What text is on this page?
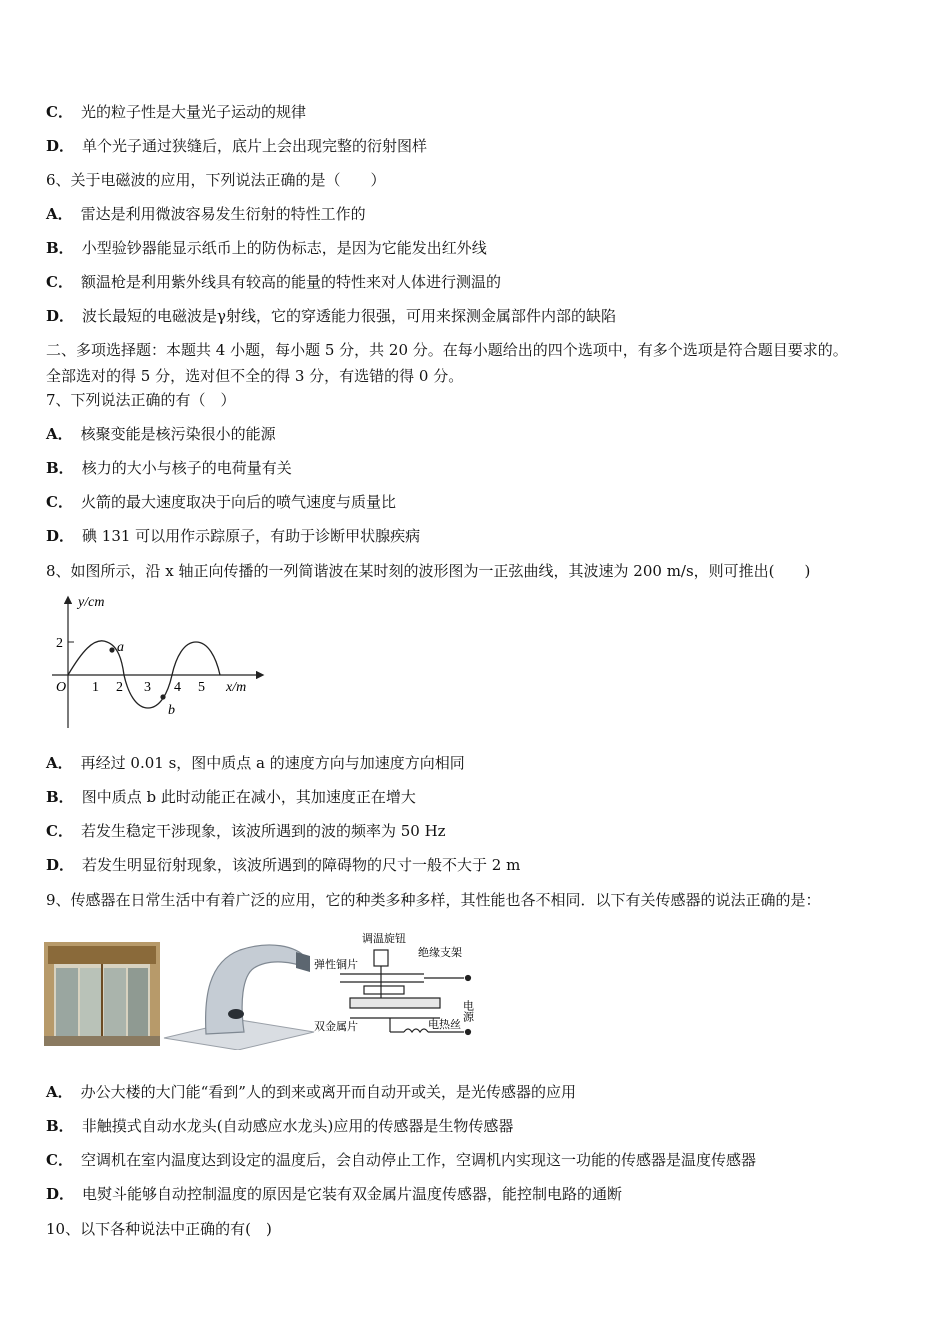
C． 光的粒子性是大量光子运动的规律
D． 单个光子通过狭缝后，底片上会出现完整的衍射图样
6、关于电磁波的应用，下列说法正确的是（　　）
A． 雷达是利用微波容易发生衍射的特性工作的
B． 小型验钞器能显示纸币上的防伪标志，是因为它能发出红外线
C． 额温枪是利用紫外线具有较高的能量的特性来对人体进行测温的
D． 波长最短的电磁波是γ射线，它的穿透能力很强，可用来探测金属部件内部的缺陷
二、多项选择题：本题共 4 小题，每小题 5 分，共 20 分。在每小题给出的四个选项中，有多个选项是符合题目要求的。
全部选对的得 5 分，选对但不全的得 3 分，有选错的得 0 分。
7、下列说法正确的有（　）
A． 核聚变能是核污染很小的能源
B． 核力的大小与核子的电荷量有关
C． 火箭的最大速度取决于向后的喷气速度与质量比
D． 碘 131 可以用作示踪原子，有助于诊断甲状腺疾病
8、如图所示，沿 x 轴正向传播的一列简谐波在某时刻的波形图为一正弦曲线，其波速为 200 m/s，则可推出(　　)
y/cm
x/m
O
2
1 2 3 4 5
a
b
A． 再经过 0.01 s，图中质点 a 的速度方向与加速度方向相同
B． 图中质点 b 此时动能正在减小，其加速度正在增大
C． 若发生稳定干涉现象，该波所遇到的波的频率为 50 Hz
D． 若发生明显衍射现象，该波所遇到的障碍物的尺寸一般不大于 2 m
9、传感器在日常生活中有着广泛的应用，它的种类多种多样，其性能也各不相同．以下有关传感器的说法正确的是：
调温旋钮
绝缘支架
弹性铜片
双金属片	电热丝
电源
A． 办公大楼的大门能“看到”人的到来或离开而自动开或关，是光传感器的应用
B． 非触摸式自动水龙头(自动感应水龙头)应用的传感器是生物传感器
C． 空调机在室内温度达到设定的温度后，会自动停止工作，空调机内实现这一功能的传感器是温度传感器
D． 电熨斗能够自动控制温度的原因是它装有双金属片温度传感器，能控制电路的通断
10、以下各种说法中正确的有(　)
